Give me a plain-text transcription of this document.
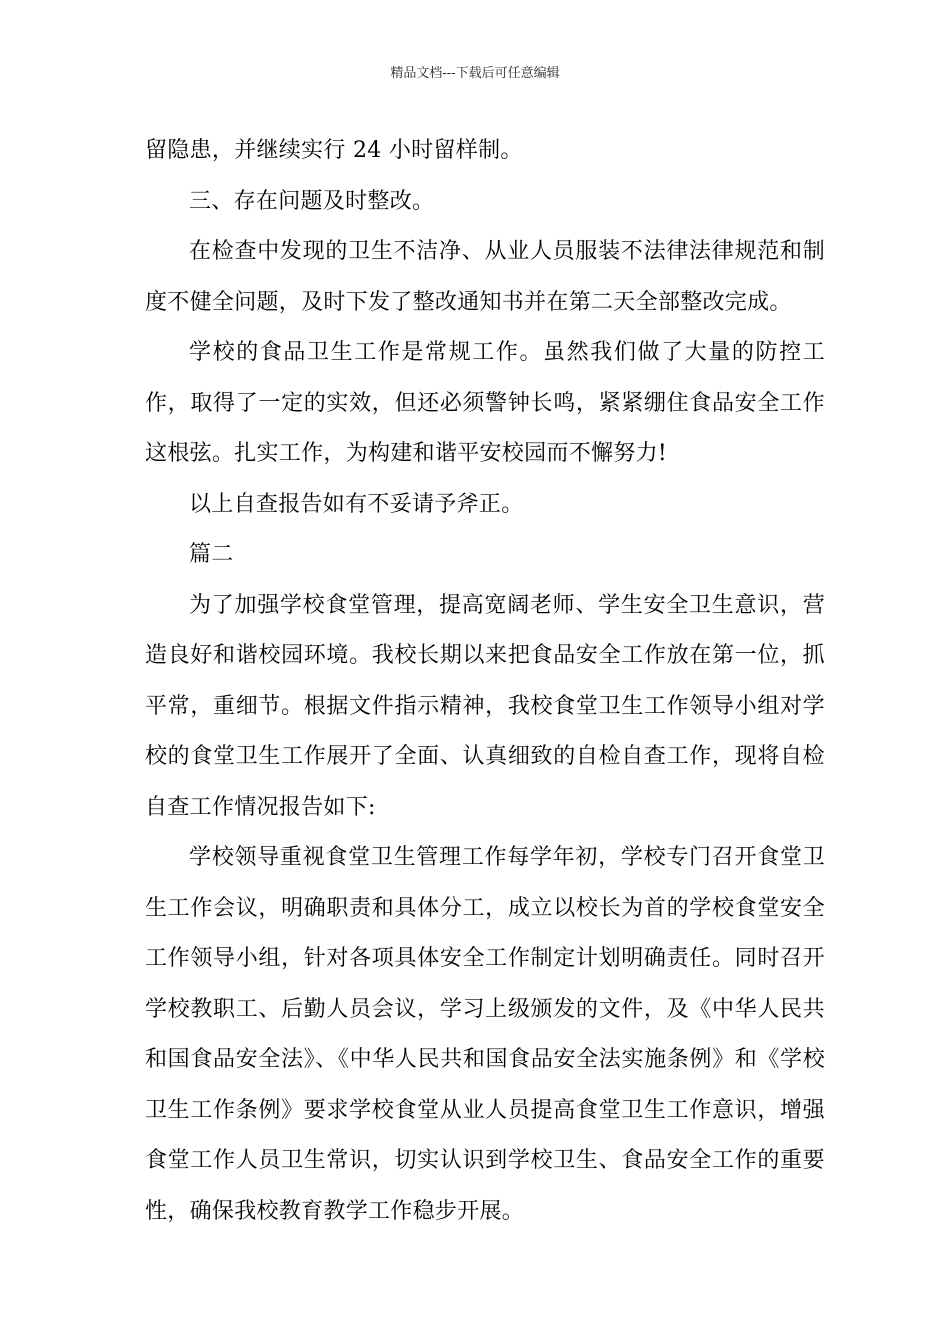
精品文档---下载后可任意编辑

留隐患，并继续实行 24 小时留样制。

三、存在问题及时整改。

在检查中发现的卫生不洁净、从业人员服装不法律法律规范和制度不健全问题，及时下发了整改通知书并在第二天全部整改完成。

学校的食品卫生工作是常规工作。虽然我们做了大量的防控工作，取得了一定的实效，但还必须警钟长鸣，紧紧绷住食品安全工作这根弦。扎实工作，为构建和谐平安校园而不懈努力!

以上自查报告如有不妥请予斧正。

篇二

为了加强学校食堂管理，提高宽阔老师、学生安全卫生意识，营造良好和谐校园环境。我校长期以来把食品安全工作放在第一位，抓平常，重细节。根据文件指示精神，我校食堂卫生工作领导小组对学校的食堂卫生工作展开了全面、认真细致的自检自查工作，现将自检自查工作情况报告如下:

学校领导重视食堂卫生管理工作每学年初，学校专门召开食堂卫生工作会议，明确职责和具体分工，成立以校长为首的学校食堂安全工作领导小组，针对各项具体安全工作制定计划明确责任。同时召开学校教职工、后勤人员会议，学习上级颁发的文件，及《中华人民共和国食品安全法》、《中华人民共和国食品安全法实施条例》和《学校卫生工作条例》要求学校食堂从业人员提高食堂卫生工作意识，增强食堂工作人员卫生常识，切实认识到学校卫生、食品安全工作的重要性，确保我校教育教学工作稳步开展。
